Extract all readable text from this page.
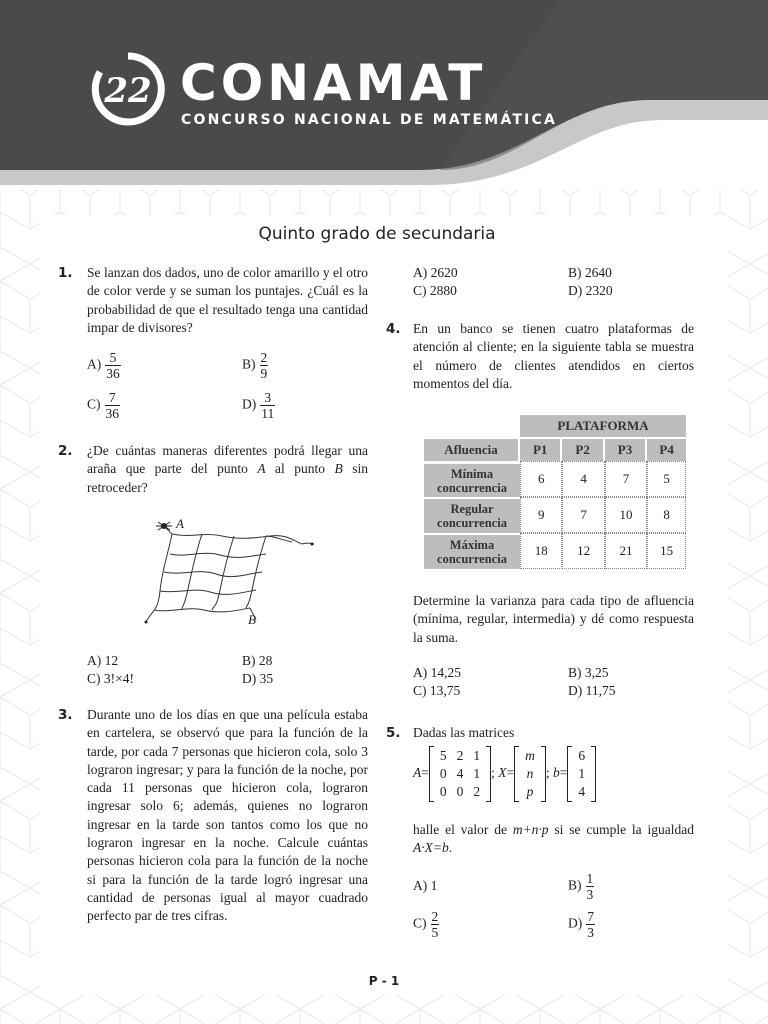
22 CONAMAT
CONCURSO NACIONAL DE MATEMÁTICA
Tema P
Quinto grado de secundaria
1. Se lanzan dos dados, uno de color amarillo y el otro de color verde y se suman los puntajes. ¿Cuál es la probabilidad de que el resultado tenga una cantidad impar de divisores?
$A) \frac{5}{36}$	$B) \frac{2}{9}$
$C) \frac{7}{36}$	$D) \frac{3}{11}$
2. ¿De cuántas maneras diferentes podrá llegar una araña que parte del punto A al punto B sin retroceder?
A
B
A) 12	B) 28
C) 3!×4!	D) 35
3. Durante uno de los días en que una película estaba en cartelera, se observó que para la función de la tarde, por cada 7 personas que hicieron cola, solo 3 lograron ingresar; y para la función de la noche, por cada 11 personas que hicieron cola, lograron ingresar solo 6; además, quienes no lograron ingresar en la tarde son tantos como los que no lograron ingresar en la noche. Calcule cuántas personas hicieron cola para la función de la noche si para la función de la tarde logró ingresar una cantidad de personas igual al mayor cuadrado perfecto par de tres cifras.
A) 2620	B) 2640
C) 2880	D) 2320
4. En un banco se tienen cuatro plataformas de atención al cliente; en la siguiente tabla se muestra el número de clientes atendidos en ciertos momentos del día.
	PLATAFORMA			
Afluencia	P1	P2	P3	P4
Mínima
concurrencia	6	4	7	5
Regular
concurrencia	9	7	10	8
Máxima
concurrencia	18	12	21	15
Determine la varianza para cada tipo de afluencia (mínima, regular, intermedia) y dé como respuesta la suma.
A) 14,25	B) 3,25
C) 13,75	D) 11,75
5. Dadas las matrices
A=
5	2	1
0	4	1
0	0	2
; X=
m
n
p
; b=
6
1
4
halle el valor de m+n·p si se cumple la igualdad A·X=b.
A) 1	$B) \frac{1}{3}$
$C) \frac{2}{5}$	$D) \frac{7}{3}$
P - 1
